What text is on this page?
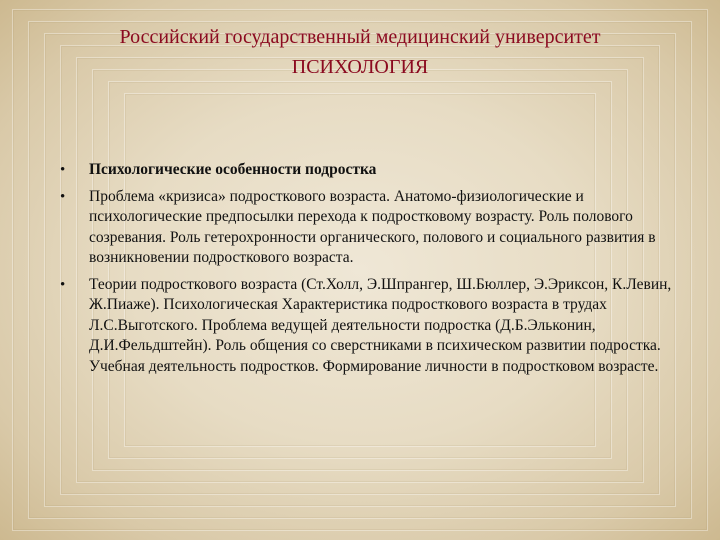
Российский государственный медицинский университет
ПСИХОЛОГИЯ
• Психологические особенности подростка
• Проблема «кризиса» подросткового возраста. Анатомо-физиологические и психологические предпосылки перехода к подростковому возрасту. Роль полового созревания. Роль гетерохронности органического, полового и социального развития в возникновении подросткового возраста.
• Теории подросткового возраста (Ст.Холл, Э.Шпрангер, Ш.Бюллер, Э.Эриксон, К.Левин, Ж.Пиаже). Психологическая Характеристика подросткового возраста в трудах Л.С.Выготского. Проблема ведущей деятельности подростка (Д.Б.Эльконин, Д.И.Фельдштейн). Роль общения со сверстниками в психическом развитии подростка. Учебная деятельность подростков. Формирование личности в подростковом возрасте.
